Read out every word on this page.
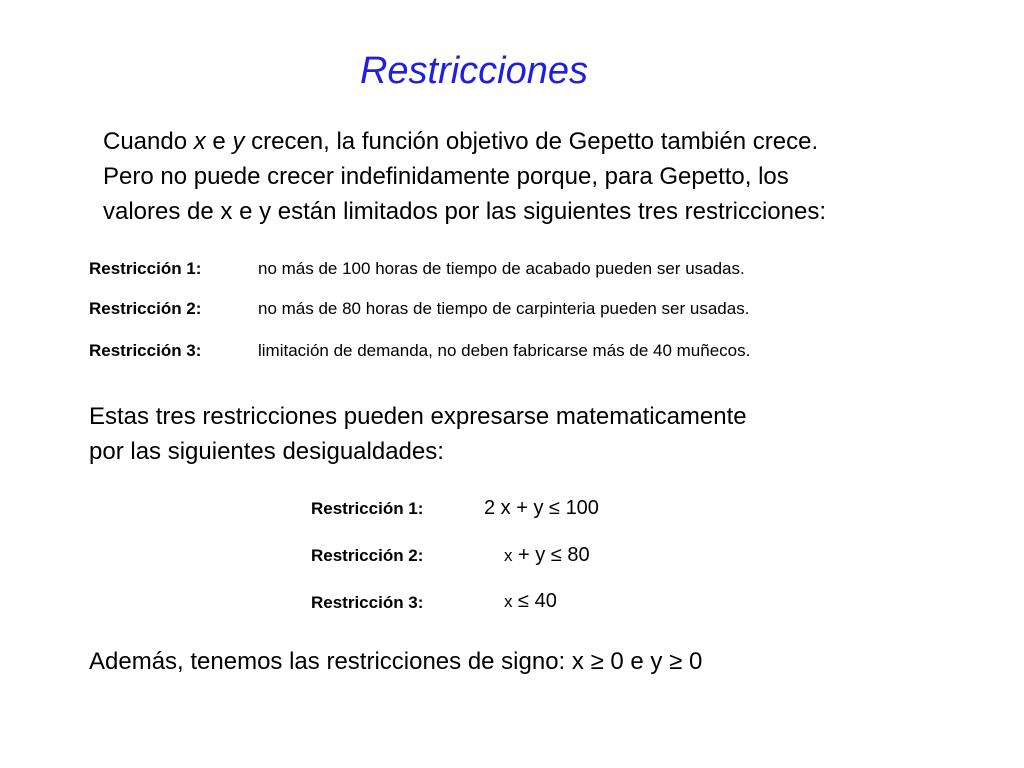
Restricciones
Cuando x e y crecen, la función objetivo de Gepetto también crece.
Pero no puede crecer indefinidamente porque, para Gepetto, los
valores de x e y están limitados por las siguientes tres restricciones:
Restricción 1:	no más de 100 horas de tiempo de acabado pueden ser usadas.
Restricción 2:	no más de 80 horas de tiempo de carpinteria pueden ser usadas.
Restricción 3:	limitación de demanda, no deben fabricarse más de 40 muñecos.
Estas tres restricciones pueden expresarse matematicamente
por las siguientes desigualdades:
Restricción 1:	2 x + y ≤ 100
Restricción 2:	x + y ≤ 80
Restricción 3:	x ≤ 40
Además, tenemos las restricciones de signo: x ≥ 0 e y ≥ 0
